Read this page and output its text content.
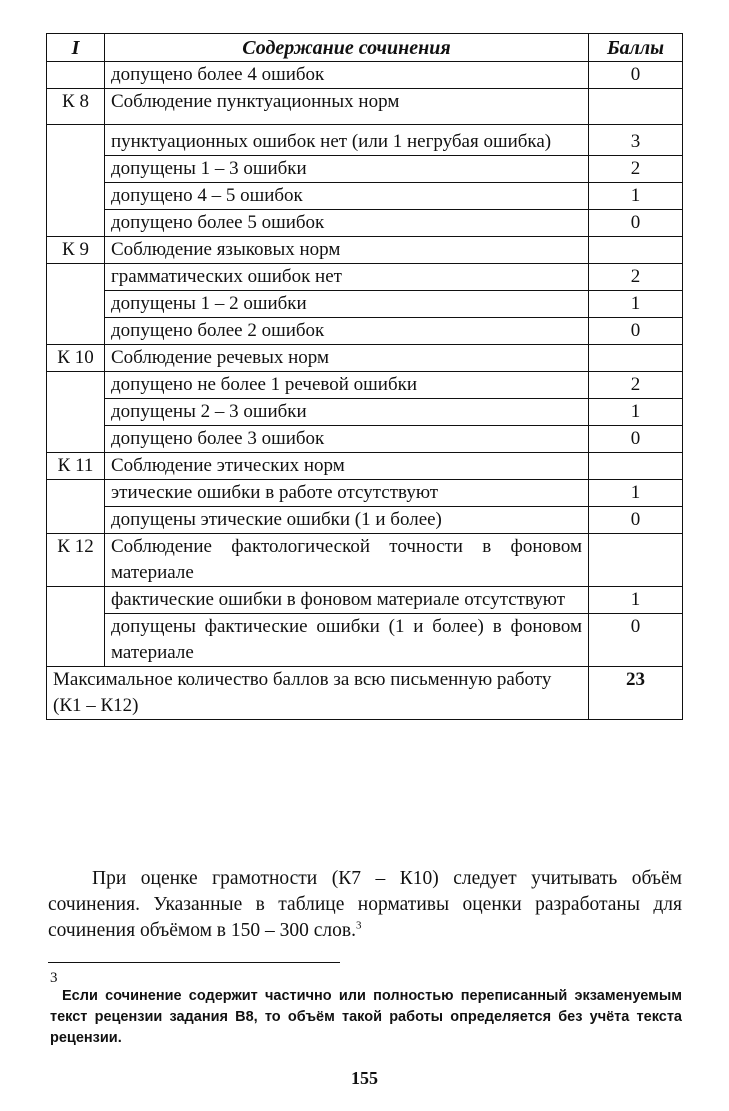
I	Содержание сочинения	Баллы
	допущено более 4 ошибок	0
К 8	Соблюдение пунктуационных норм	
	пунктуационных ошибок нет (или 1 негрубая ошибка)	3
	допущены 1 – 3 ошибки	2
	допущено 4 – 5 ошибок	1
	допущено более 5 ошибок	0
К 9	Соблюдение языковых норм	
	грамматических ошибок нет	2
	допущены 1 – 2 ошибки	1
	допущено более 2 ошибок	0
К 10	Соблюдение речевых норм	
	допущено не более 1 речевой ошибки	2
	допущены 2 – 3 ошибки	1
	допущено более 3 ошибок	0
К 11	Соблюдение этических норм	
	этические ошибки в работе отсутствуют	1
	допущены этические ошибки (1 и более)	0
К 12	Соблюдение фактологической точности в фоновом материале	
	фактические ошибки в фоновом материале отсутствуют	1
	допущены фактические ошибки (1 и более) в фоновом материале	0
Максимальное количество баллов за всю письменную работу (К1 – К12)		23
При оценке грамотности (К7 – К10) следует учитывать объём сочинения. Указанные в таблице нормативы оценки разработаны для сочинения объёмом в 150 – 300 слов.$^3$
3
Если сочинение содержит частично или полностью переписанный экзаменуемым текст рецензии задания В8, то объём такой работы определяется без учёта текста рецензии.
155
